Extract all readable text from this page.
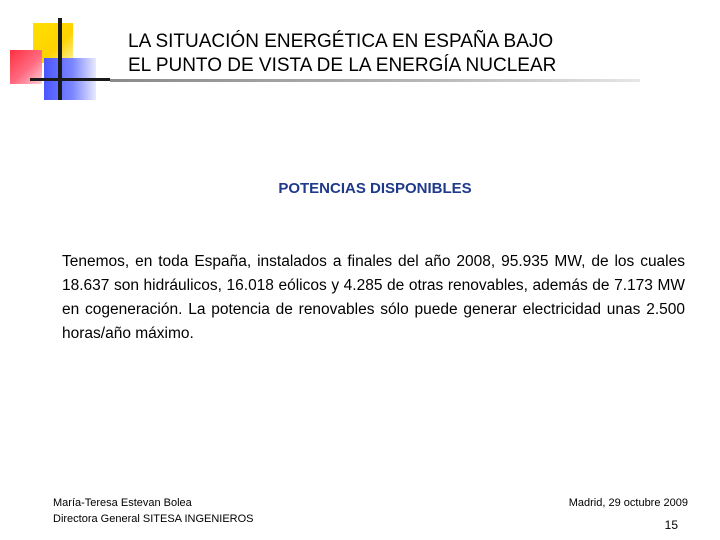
LA SITUACIÓN ENERGÉTICA EN ESPAÑA BAJO
EL PUNTO DE VISTA DE LA ENERGÍA NUCLEAR
POTENCIAS DISPONIBLES

Tenemos, en toda España, instalados a finales del año 2008, 95.935 MW, de los cuales 18.637 son hidráulicos, 16.018 eólicos y 4.285 de otras renovables, además de 7.173 MW en cogeneración. La potencia de renovables sólo puede generar electricidad unas 2.500 horas/año máximo.

María-Teresa Estevan Bolea
Directora General SITESA INGENIEROS
Madrid, 29 octubre 2009
15
